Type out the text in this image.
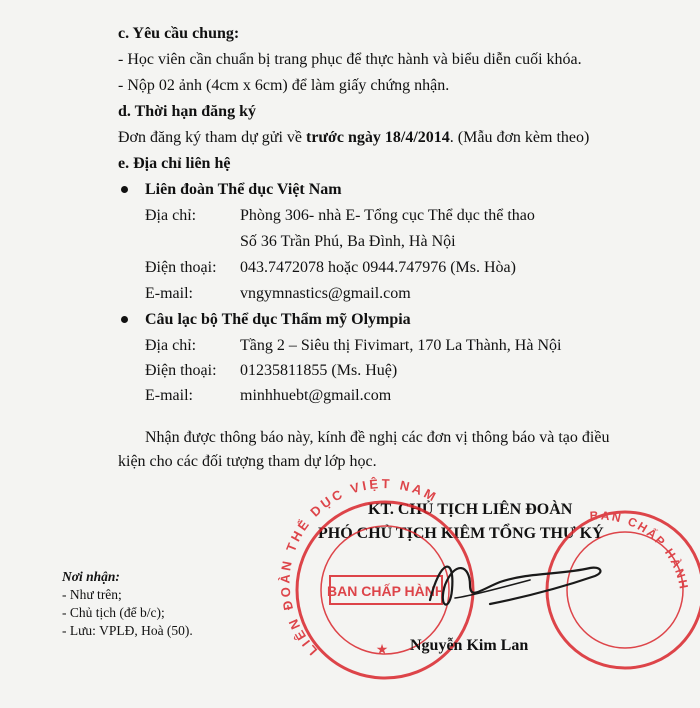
c. Yêu cầu chung:
- Học viên cần chuẩn bị trang phục để thực hành và biểu diễn cuối khóa.
- Nộp 02 ảnh (4cm x 6cm) để làm giấy chứng nhận.
d. Thời hạn đăng ký
Đơn đăng ký tham dự gửi về trước ngày 18/4/2014. (Mẫu đơn kèm theo)
e. Địa chỉ liên hệ
Liên đoàn Thể dục Việt Nam
Địa chỉ:	Phòng 306- nhà E- Tổng cục Thể dục thể thao
Số 36 Trần Phú, Ba Đình, Hà Nội
Điện thoại: 043.7472078 hoặc 0944.747976 (Ms. Hòa)
E-mail:	vngymnastics@gmail.com
Câu lạc bộ Thể dục Thẩm mỹ Olympia
Địa chỉ:	Tầng 2 – Siêu thị Fivimart, 170 La Thành, Hà Nội
Điện thoại: 01235811855 (Ms. Huệ)
E-mail:	minhhuebt@gmail.com
Nhận được thông báo này, kính đề nghị các đơn vị thông báo và tạo điều
kiện cho các đối tượng tham dự lớp học.
KT. CHỦ TỊCH LIÊN ĐOÀN
PHÓ CHỦ TỊCH KIÊM TỔNG THƯ KÝ
Nơi nhận:
- Như trên;
- Chủ tịch (để b/c);
- Lưu: VPLĐ, Hoà (50).
BAN CHẤP HÀNH
LIÊN ĐOÀN THỂ DỤC VIỆT NAM
★
BAN CHẤP HÀNH
Nguyễn Kim Lan
